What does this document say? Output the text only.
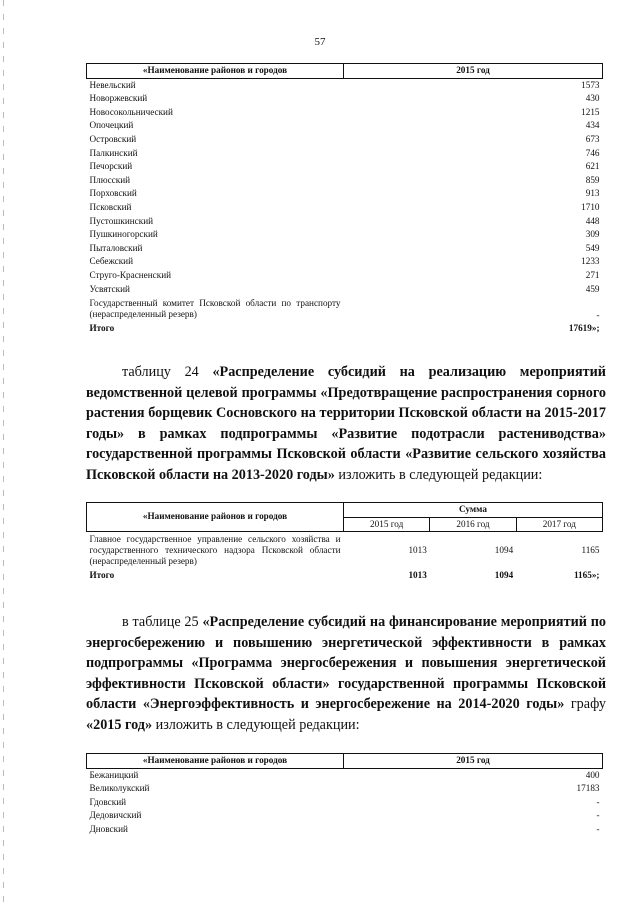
57
«Наименование районов и городов	2015 год
Невельский	1573
Новоржевский	430
Новосокольнический	1215
Опочецкий	434
Островский	673
Палкинский	746
Печорский	621
Плюсский	859
Порховский	913
Псковский	1710
Пустошкинский	448
Пушкиногорский	309
Пыталовский	549
Себежский	1233
Струго-Красненский	271
Усвятский	459
Государственный комитет Псковской области по транспорту (нераспределенный резерв)	-
Итого	17619»;
таблицу 24 «Распределение субсидий на реализацию мероприятий ведомственной целевой программы «Предотвращение распространения сорного растения борщевик Сосновского на территории Псковской области на 2015-2017 годы» в рамках подпрограммы «Развитие подотрасли растениводства» государственной программы Псковской области «Развитие сельского хозяйства Псковской области на 2013-2020 годы» изложить в следующей редакции:
«Наименование районов и городов	Сумма		
	2015 год	2016 год	2017 год
Главное государственное управление сельского хозяйства и государственного технического надзора Псковской области (нераспределенный резерв)	1013	1094	1165
Итого	1013	1094	1165»;
в таблице 25 «Распределение субсидий на финансирование мероприятий по энергосбережению и повышению энергетической эффективности в рамках подпрограммы «Программа энергосбережения и повышения энергетической эффективности Псковской области» государственной программы Псковской области «Энергоэффективность и энергосбережение на 2014-2020 годы» графу «2015 год» изложить в следующей редакции:
«Наименование районов и городов	2015 год
Бежаницкий	400
Великолукский	17183
Гдовский	-
Дедовичский	-
Дновский	-
